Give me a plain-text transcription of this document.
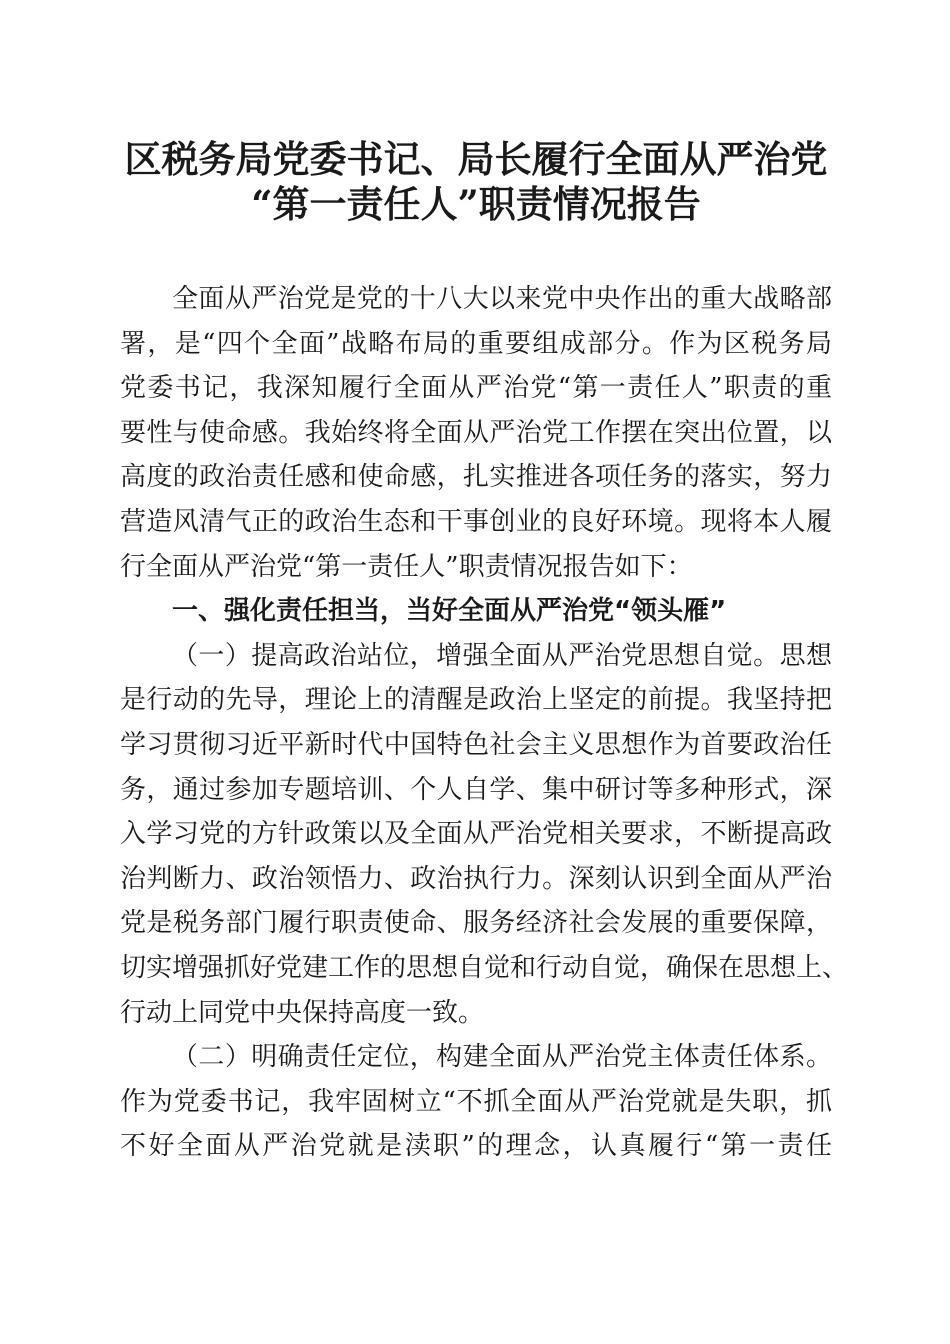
区税务局党委书记、局长履行全面从严治党
“第一责任人”职责情况报告
全面从严治党是党的十八大以来党中央作出的重大战略部
署，是“四个全面”战略布局的重要组成部分。作为区税务局
党委书记，我深知履行全面从严治党“第一责任人”职责的重
要性与使命感。我始终将全面从严治党工作摆在突出位置，以
高度的政治责任感和使命感，扎实推进各项任务的落实，努力
营造风清气正的政治生态和干事创业的良好环境。现将本人履
行全面从严治党“第一责任人”职责情况报告如下：
一、强化责任担当，当好全面从严治党“领头雁”
（一）提高政治站位，增强全面从严治党思想自觉。思想
是行动的先导，理论上的清醒是政治上坚定的前提。我坚持把
学习贯彻习近平新时代中国特色社会主义思想作为首要政治任
务，通过参加专题培训、个人自学、集中研讨等多种形式，深
入学习党的方针政策以及全面从严治党相关要求，不断提高政
治判断力、政治领悟力、政治执行力。深刻认识到全面从严治
党是税务部门履行职责使命、服务经济社会发展的重要保障，
切实增强抓好党建工作的思想自觉和行动自觉，确保在思想上、
行动上同党中央保持高度一致。
（二）明确责任定位，构建全面从严治党主体责任体系。
作为党委书记，我牢固树立“不抓全面从严治党就是失职，抓
不好全面从严治党就是渎职”的理念，认真履行“第一责任
